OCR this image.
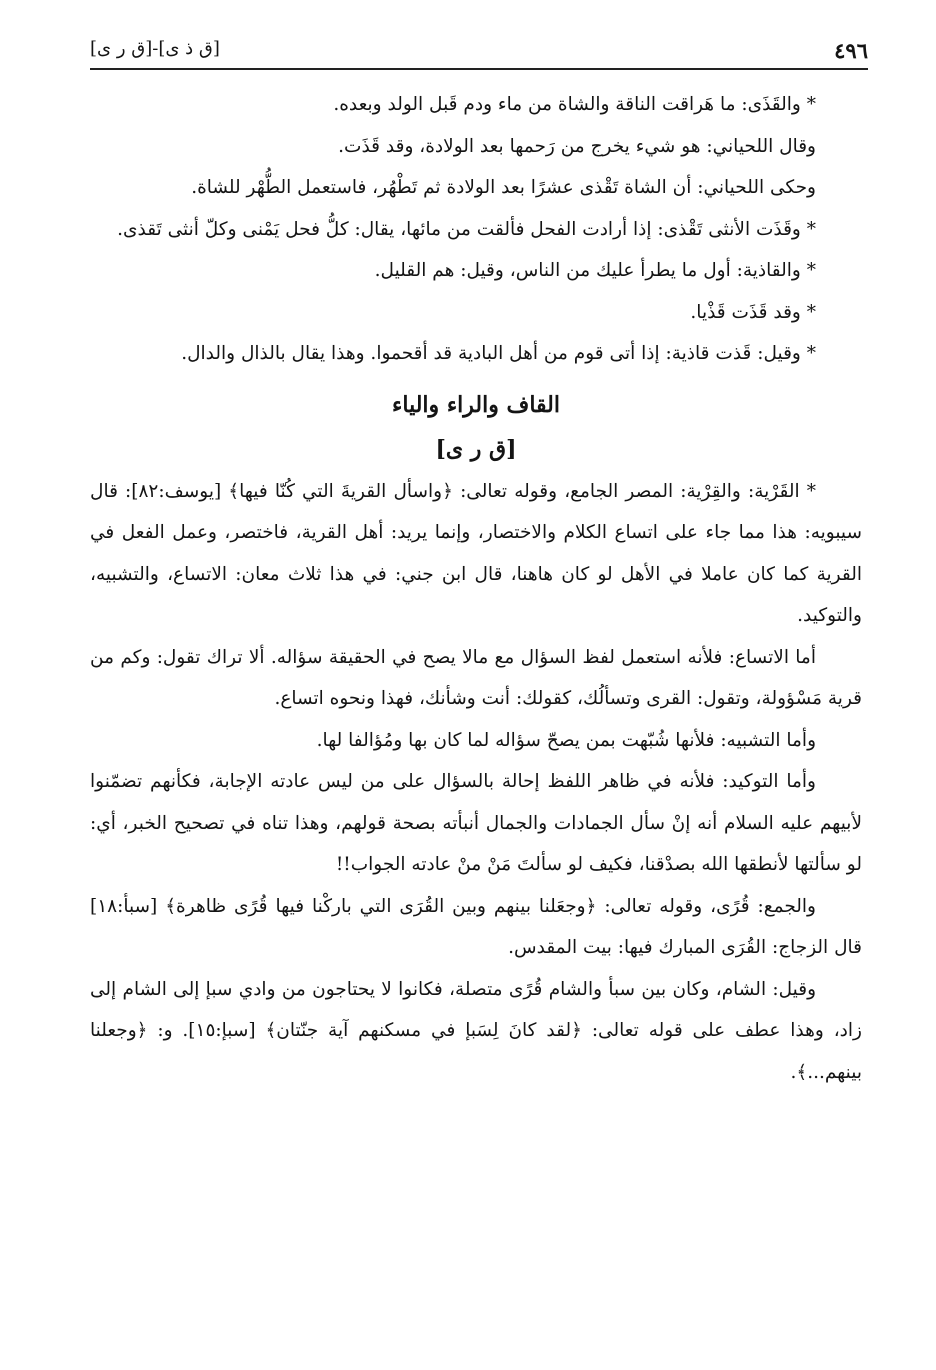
٤٩٦
[ق ذ ى]-[ق ر ى]

* والقَذَى: ما هَراقت الناقة والشاة من ماء ودم قَبل الولد وبعده.

وقال اللحياني: هو شيء يخرج من رَحمها بعد الولادة، وقد قَذَت.

وحكى اللحياني: أن الشاة تَقْذى عشرًا بعد الولادة ثم تَطْهُر، فاستعمل الطُّهْر للشاة.

* وقَذَت الأنثى تَقْذى: إذا أرادت الفحل فألقت من مائها، يقال: كلُّ فحل يَمْنى وكلّ أنثى تَقذى.

* والقاذية: أول ما يطرأ عليك من الناس، وقيل: هم القليل.

* وقد قَذَت قَذْيا.

* وقيل: قَذت قاذية: إذا أتى قوم من أهل البادية قد أقحموا. وهذا يقال بالذال والدال.

القاف والراء والياء

[ق ر ى]

* القَرْية: والقِرْية: المصر الجامع، وقوله تعالى: ﴿واسأل القريةَ التي كُنّا فيها﴾ [يوسف:٨٢]: قال سيبويه: هذا مما جاء على اتساع الكلام والاختصار، وإنما يريد: أهل القرية، فاختصر، وعمل الفعل في القرية كما كان عاملا في الأهل لو كان هاهنا، قال ابن جني: في هذا ثلاث معان: الاتساع، والتشبيه، والتوكيد.

أما الاتساع: فلأنه استعمل لفظ السؤال مع مالا يصح في الحقيقة سؤاله. ألا تراك تقول: وكم من قرية مَسْؤولة، وتقول: القرى وتسألُك، كقولك: أنت وشأنك، فهذا ونحوه اتساع.

وأما التشبيه: فلأنها شُبّهت بمن يصحّ سؤاله لما كان بها ومُؤالفا لها.

وأما التوكيد: فلأنه في ظاهر اللفظ إحالة بالسؤال على من ليس عادته الإجابة، فكأنهم تضمّنوا لأبيهم عليه السلام أنه إنْ سأل الجمادات والجمال أنبأته بصحة قولهم، وهذا تناه في تصحيح الخبر، أي: لو سألتها لأنطقها الله بصدْقنا، فكيف لو سألتَ مَنْ منْ عادته الجواب!!

والجمع: قُرًى، وقوله تعالى: ﴿وجعَلنا بينهم وبين القُرَى التي باركْنا فيها قُرًى ظاهرة﴾ [سبأ:١٨] قال الزجاج: القُرَى المبارك فيها: بيت المقدس.

وقيل: الشام، وكان بين سبأ والشام قُرًى متصلة، فكانوا لا يحتاجون من وادي سبإ إلى الشام إلى زاد، وهذا عطف على قوله تعالى: ﴿لقد كانَ لِسَبإ في مسكنهم آية جنّتان﴾ [سبإ:١٥]. و: ﴿وجعلنا بينهم...﴾.
